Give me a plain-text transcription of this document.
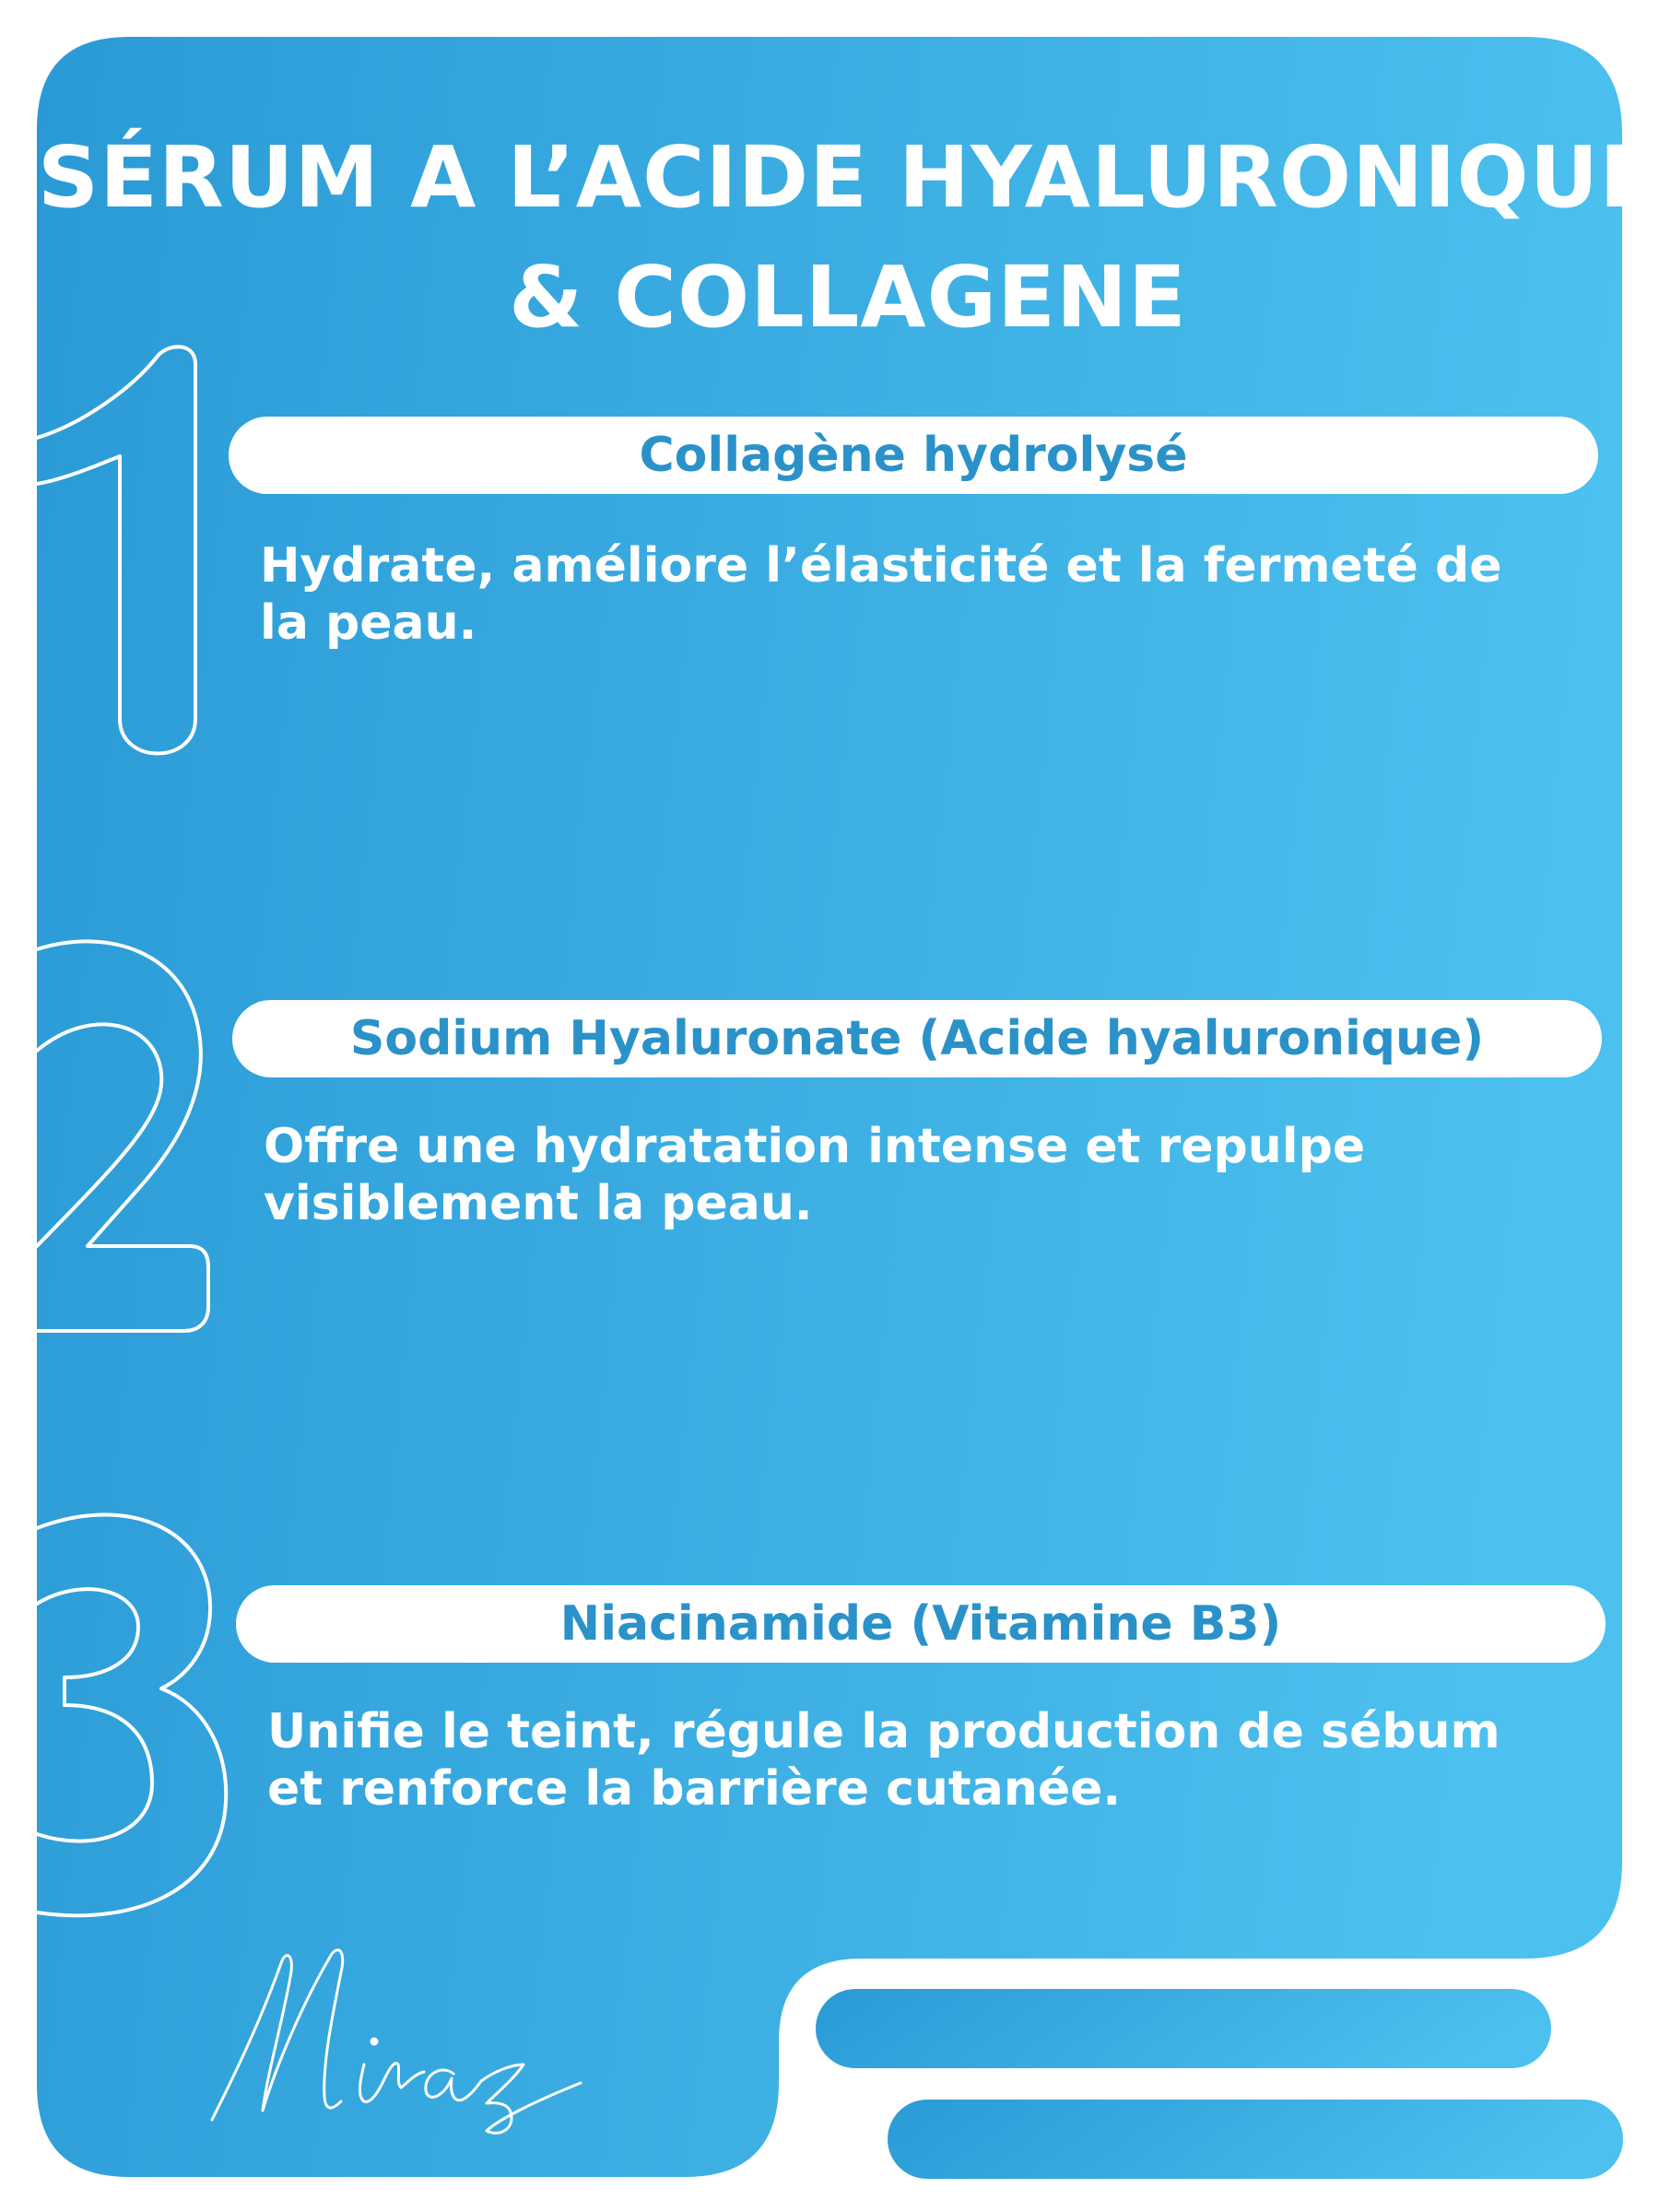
SÉRUM A L’ACIDE HYALURONIQUE
& COLLAGENE
Collagène hydrolysé

Hydrate, améliore l’élasticité et la fermeté de
la peau.

Sodium Hyaluronate (Acide hyaluronique)

Offre une hydratation intense et repulpe
visiblement la peau.

Niacinamide (Vitamine B3)

Unifie le teint, régule la production de sébum
et renforce la barrière cutanée.
